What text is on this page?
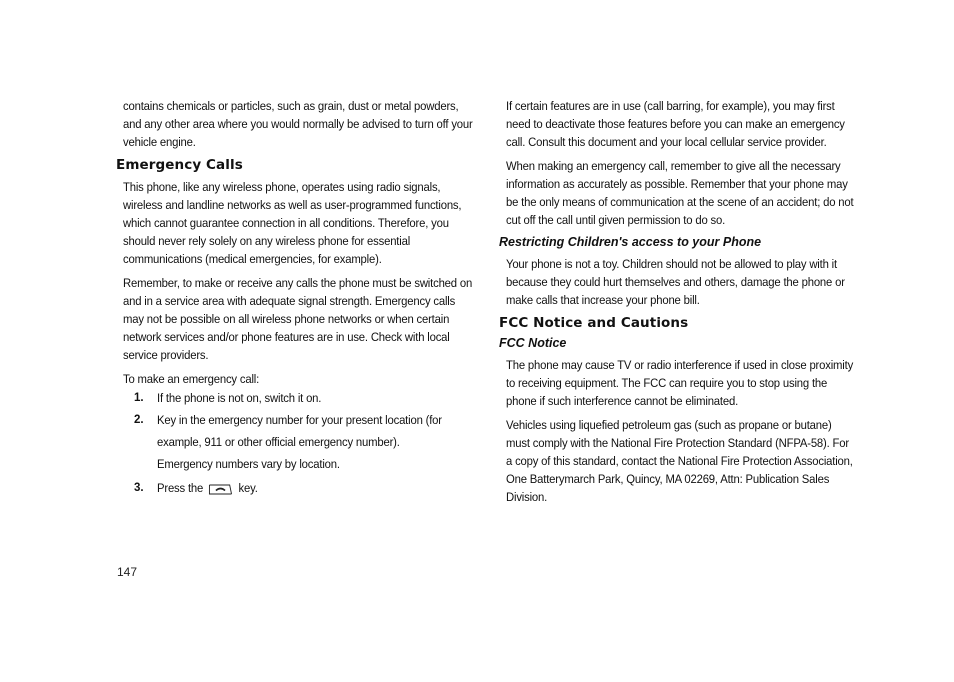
contains chemicals or particles, such as grain, dust or metal powders, and any other area where you would normally be advised to turn off your vehicle engine.

Emergency Calls

This phone, like any wireless phone, operates using radio signals, wireless and landline networks as well as user-programmed functions, which cannot guarantee connection in all conditions. Therefore, you should never rely solely on any wireless phone for essential communications (medical emergencies, for example).

Remember, to make or receive any calls the phone must be switched on and in a service area with adequate signal strength. Emergency calls may not be possible on all wireless phone networks or when certain network services and/or phone features are in use. Check with local service providers.

To make an emergency call:

1.	If the phone is not on, switch it on.
2.	Key in the emergency number for your present location (for example, 911 or other official emergency number). Emergency numbers vary by location.
3.	Press the	key.

If certain features are in use (call barring, for example), you may first need to deactivate those features before you can make an emergency call. Consult this document and your local cellular service provider.

When making an emergency call, remember to give all the necessary information as accurately as possible. Remember that your phone may be the only means of communication at the scene of an accident; do not cut off the call until given permission to do so.

Restricting Children's access to your Phone

Your phone is not a toy. Children should not be allowed to play with it because they could hurt themselves and others, damage the phone or make calls that increase your phone bill.

FCC Notice and Cautions
FCC Notice

The phone may cause TV or radio interference if used in close proximity to receiving equipment. The FCC can require you to stop using the phone if such interference cannot be eliminated.

Vehicles using liquefied petroleum gas (such as propane or butane) must comply with the National Fire Protection Standard (NFPA-58). For a copy of this standard, contact the National Fire Protection Association, One Batterymarch Park, Quincy, MA 02269, Attn: Publication Sales Division.

147
